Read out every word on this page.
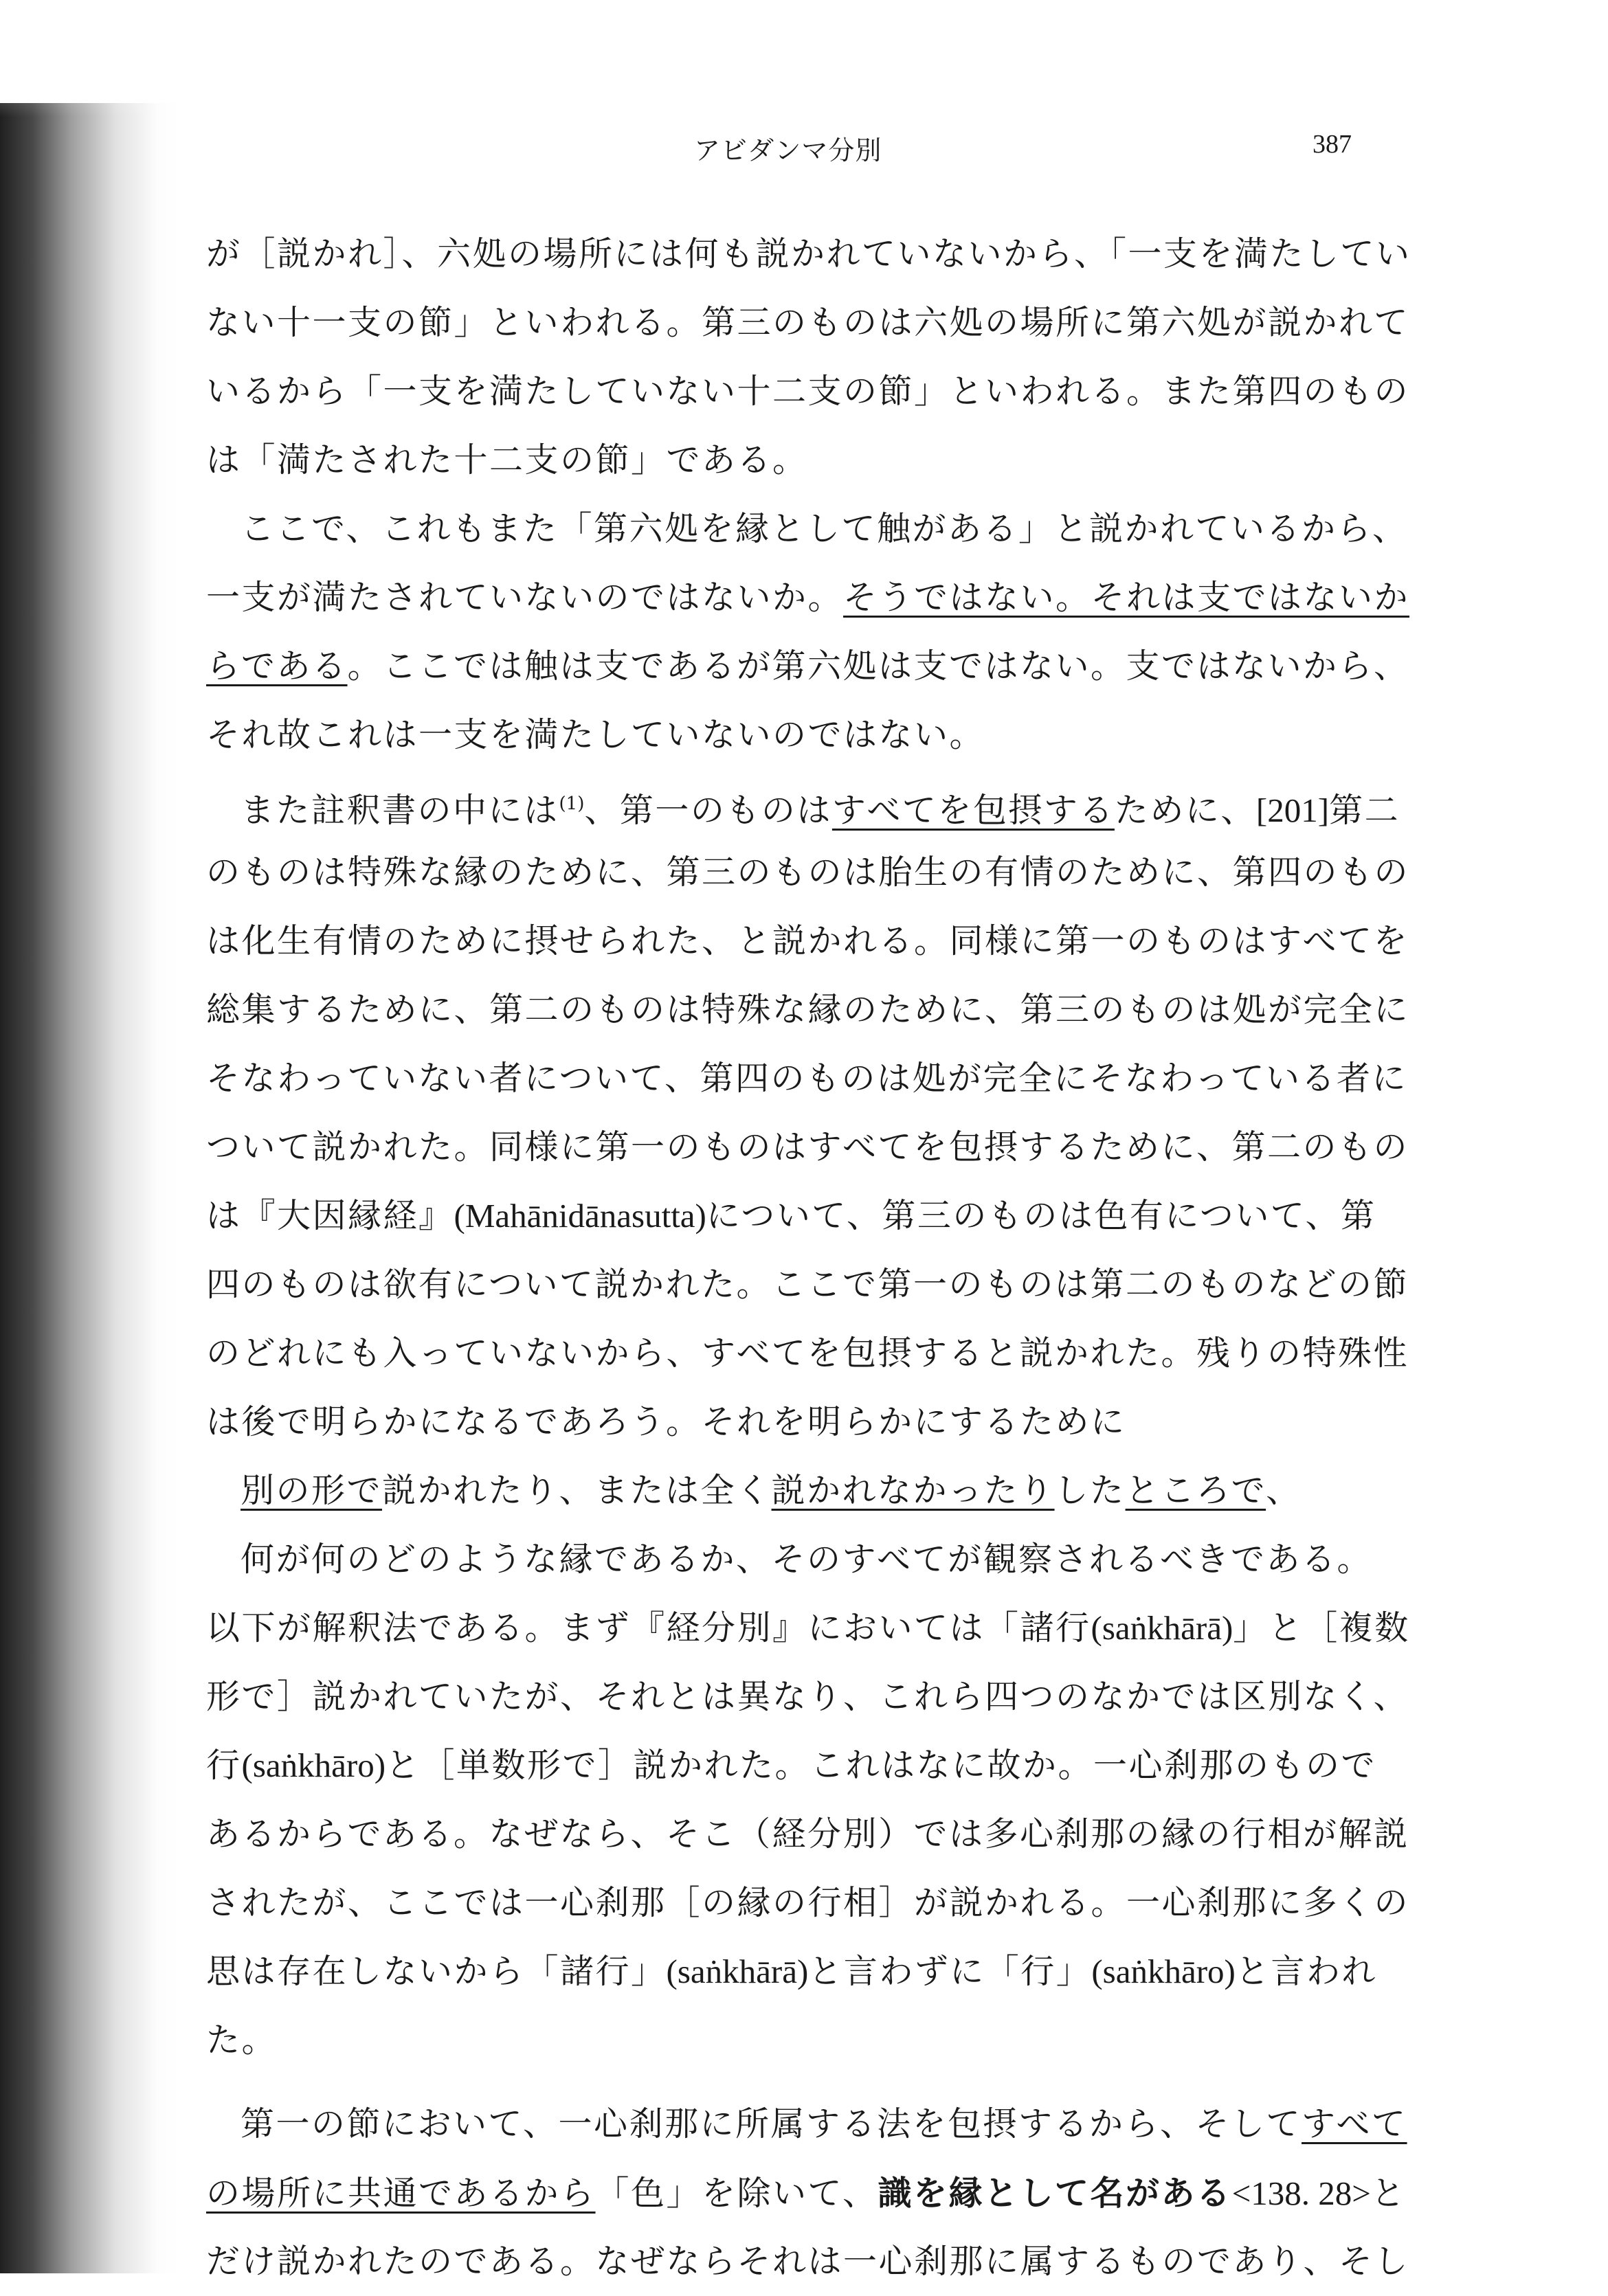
アビダンマ分別	387
が［説かれ］、六処の場所には何も説かれていないから、「一支を満たしてい
ない十一支の節」といわれる。第三のものは六処の場所に第六処が説かれて
いるから「一支を満たしていない十二支の節」といわれる。また第四のもの
は「満たされた十二支の節」である。
ここで、これもまた「第六処を縁として触がある」と説かれているから、
一支が満たされていないのではないか。そうではない。それは支ではないか
らである。ここでは触は支であるが第六処は支ではない。支ではないから、
それ故これは一支を満たしていないのではない。
また註釈書の中には$^{(1)}$、第一のものはすべてを包摂するために、[201]第二
のものは特殊な縁のために、第三のものは胎生の有情のために、第四のもの
は化生有情のために摂せられた、と説かれる。同様に第一のものはすべてを
総集するために、第二のものは特殊な縁のために、第三のものは処が完全に
そなわっていない者について、第四のものは処が完全にそなわっている者に
ついて説かれた。同様に第一のものはすべてを包摂するために、第二のもの
は『大因縁経』(Mahānidānasutta)について、第三のものは色有について、第
四のものは欲有について説かれた。ここで第一のものは第二のものなどの節
のどれにも入っていないから、すべてを包摂すると説かれた。残りの特殊性
は後で明らかになるであろう。それを明らかにするために
別の形で説かれたり、または全く説かれなかったりしたところで、
何が何のどのような縁であるか、そのすべてが観察されるべきである。
以下が解釈法である。まず『経分別』においては「諸行(saṅkhārā)」と［複数
形で］説かれていたが、それとは異なり、これら四つのなかでは区別なく、
行(saṅkhāro)と［単数形で］説かれた。これはなに故か。一心刹那のもので
あるからである。なぜなら、そこ（経分別）では多心刹那の縁の行相が解説
されたが、ここでは一心刹那［の縁の行相］が説かれる。一心刹那に多くの
思は存在しないから「諸行」(saṅkhārā)と言わずに「行」(saṅkhāro)と言われ
た。
第一の節において、一心刹那に所属する法を包摂するから、そしてすべて
の場所に共通であるから「色」を除いて、識を縁として名がある<138. 28>と
だけ説かれたのである。なぜならそれは一心刹那に属するものであり、そし
